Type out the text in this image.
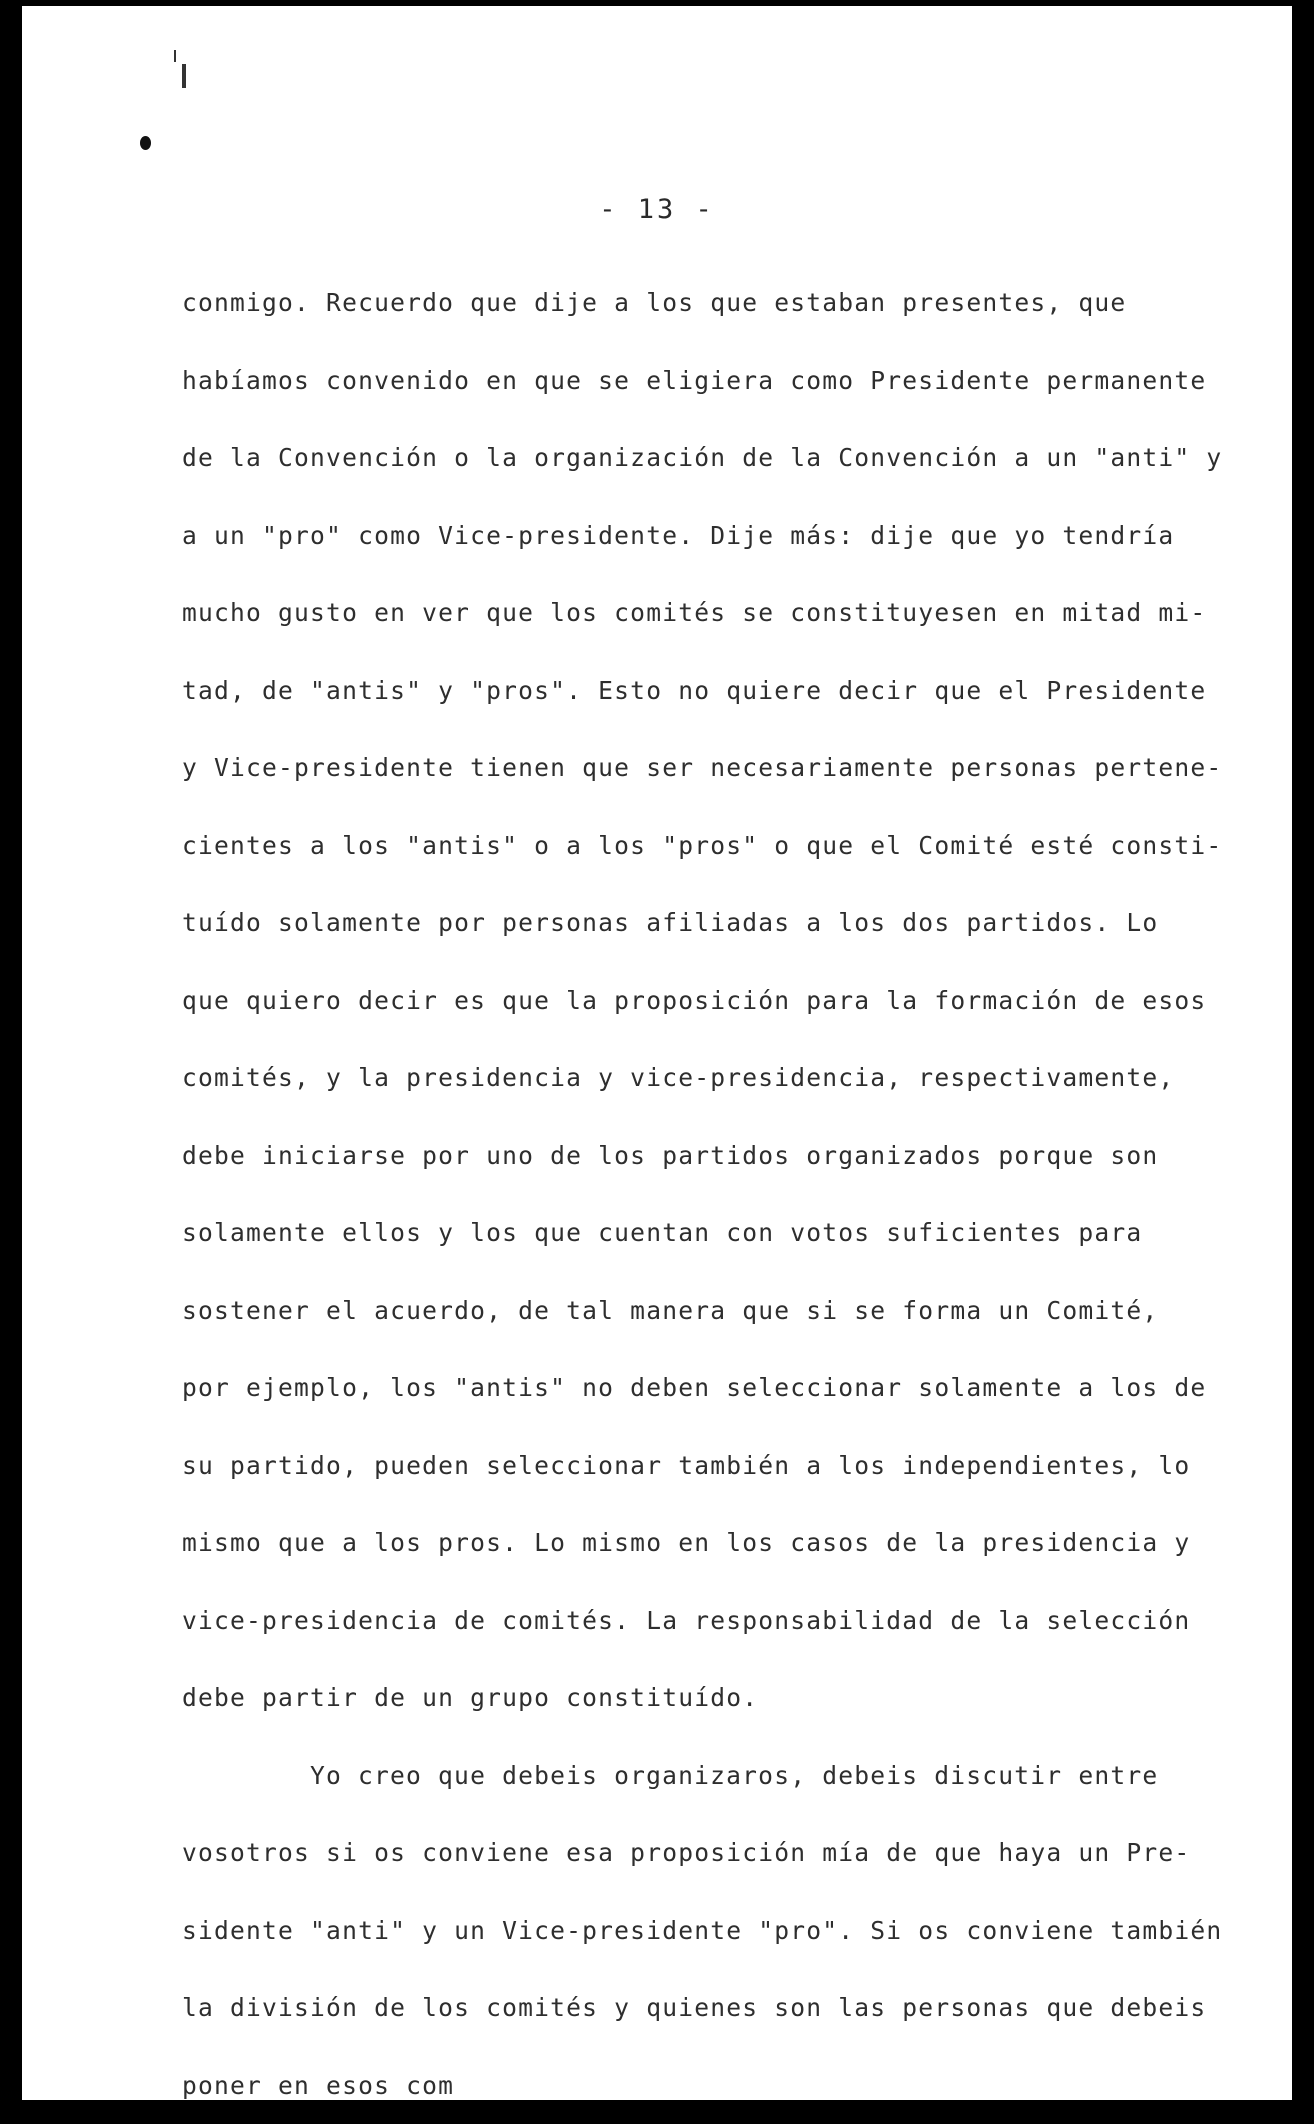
- 13 -
conmigo. Recuerdo que dije a los que estaban presentes, que
habíamos convenido en que se eligiera como Presidente permanente
de la Convención o la organización de la Convención a un "anti" y
a un "pro" como Vice-presidente. Dije más: dije que yo tendría
mucho gusto en ver que los comités se constituyesen en mitad mi-
tad, de "antis" y "pros". Esto no quiere decir que el Presidente
y Vice-presidente tienen que ser necesariamente personas pertene-
cientes a los "antis" o a los "pros" o que el Comité esté consti-
tuído solamente por personas afiliadas a los dos partidos. Lo
que quiero decir es que la proposición para la formación de esos
comités, y la presidencia y vice-presidencia, respectivamente,
debe iniciarse por uno de los partidos organizados porque son
solamente ellos y los que cuentan con votos suficientes para
sostener el acuerdo, de tal manera que si se forma un Comité,
por ejemplo, los "antis" no deben seleccionar solamente a los de
su partido, pueden seleccionar también a los independientes, lo
mismo que a los pros. Lo mismo en los casos de la presidencia y
vice-presidencia de comités. La responsabilidad de la selección
debe partir de un grupo constituído.
Yo creo que debeis organizaros, debeis discutir entre
vosotros si os conviene esa proposición mía de que haya un Pre-
sidente "anti" y un Vice-presidente "pro". Si os conviene también
la división de los comités y quienes son las personas que debeis
poner en esos com
